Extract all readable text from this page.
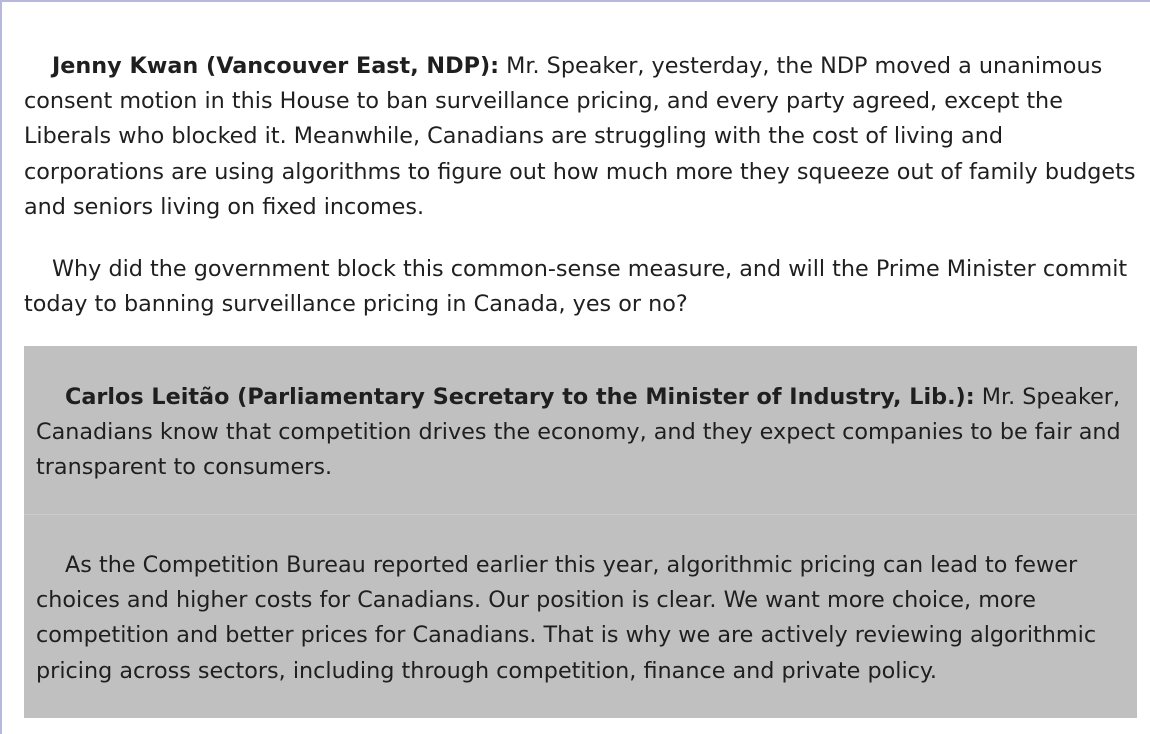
Jenny Kwan (Vancouver East, NDP): Mr. Speaker, yesterday, the NDP moved a unanimous consent motion in this House to ban surveillance pricing, and every party agreed, except the Liberals who blocked it. Meanwhile, Canadians are struggling with the cost of living and corporations are using algorithms to figure out how much more they squeeze out of family budgets and seniors living on fixed incomes.

Why did the government block this common-sense measure, and will the Prime Minister commit today to banning surveillance pricing in Canada, yes or no?

Carlos Leitão (Parliamentary Secretary to the Minister of Industry, Lib.): Mr. Speaker, Canadians know that competition drives the economy, and they expect companies to be fair and transparent to consumers.

As the Competition Bureau reported earlier this year, algorithmic pricing can lead to fewer choices and higher costs for Canadians. Our position is clear. We want more choice, more competition and better prices for Canadians. That is why we are actively reviewing algorithmic pricing across sectors, including through competition, finance and private policy.
